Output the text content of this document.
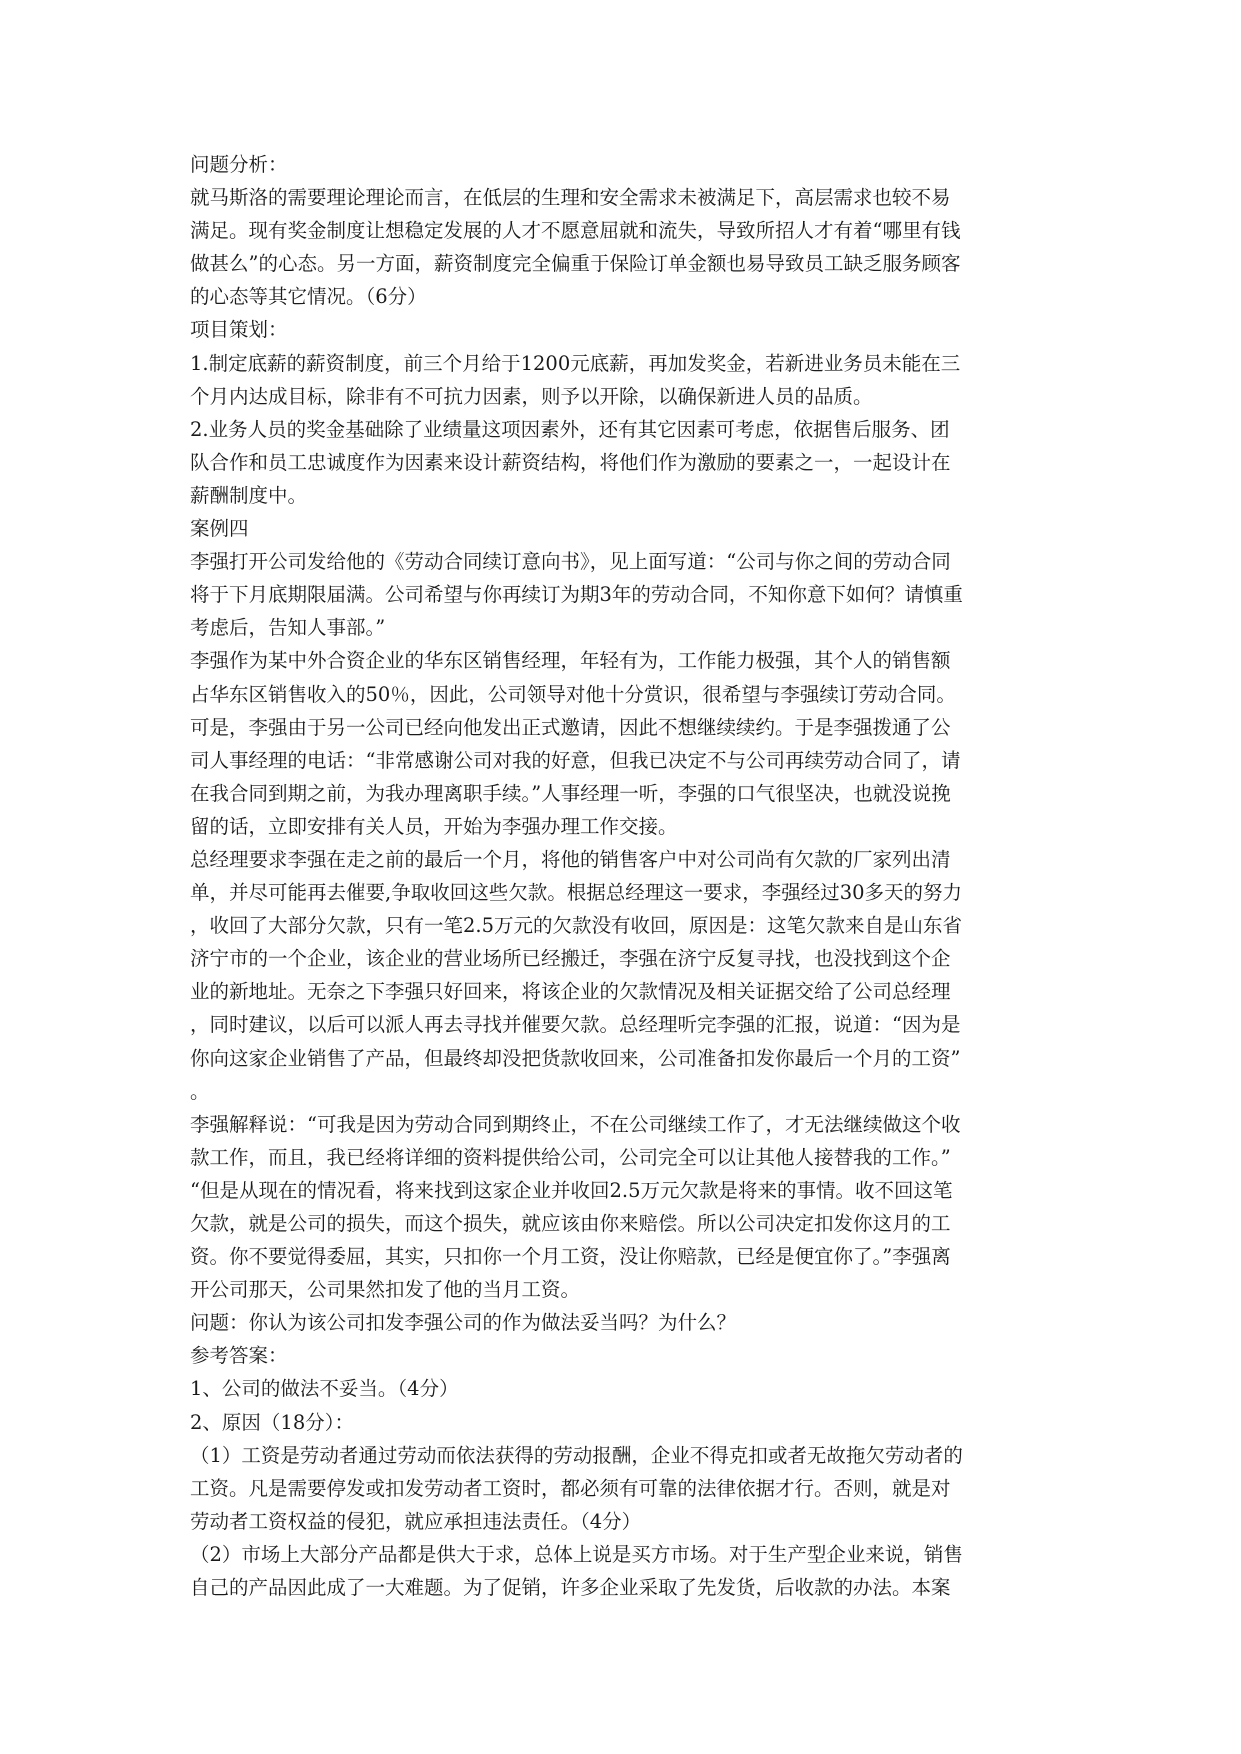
问题分析：
就马斯洛的需要理论理论而言，在低层的生理和安全需求未被满足下，高层需求也较不易
满足。现有奖金制度让想稳定发展的人才不愿意屈就和流失，导致所招人才有着“哪里有钱
做甚么”的心态。另一方面，薪资制度完全偏重于保险订单金额也易导致员工缺乏服务顾客
的心态等其它情况。（6分）
项目策划：
1.制定底薪的薪资制度，前三个月给于1200元底薪，再加发奖金，若新进业务员未能在三
个月内达成目标，除非有不可抗力因素，则予以开除，以确保新进人员的品质。
2.业务人员的奖金基础除了业绩量这项因素外，还有其它因素可考虑，依据售后服务、团
队合作和员工忠诚度作为因素来设计薪资结构，将他们作为激励的要素之一，一起设计在
薪酬制度中。
案例四
李强打开公司发给他的《劳动合同续订意向书》，见上面写道：“公司与你之间的劳动合同
将于下月底期限届满。公司希望与你再续订为期3年的劳动合同，不知你意下如何？请慎重
考虑后，告知人事部。”
李强作为某中外合资企业的华东区销售经理，年轻有为，工作能力极强，其个人的销售额
占华东区销售收入的50％，因此，公司领导对他十分赏识，很希望与李强续订劳动合同。
可是，李强由于另一公司已经向他发出正式邀请，因此不想继续续约。于是李强拨通了公
司人事经理的电话：“非常感谢公司对我的好意，但我已决定不与公司再续劳动合同了，请
在我合同到期之前，为我办理离职手续。”人事经理一听，李强的口气很坚决，也就没说挽
留的话，立即安排有关人员，开始为李强办理工作交接。
总经理要求李强在走之前的最后一个月，将他的销售客户中对公司尚有欠款的厂家列出清
单，并尽可能再去催要,争取收回这些欠款。根据总经理这一要求，李强经过30多天的努力
，收回了大部分欠款，只有一笔2.5万元的欠款没有收回，原因是：这笔欠款来自是山东省
济宁市的一个企业，该企业的营业场所已经搬迁，李强在济宁反复寻找，也没找到这个企
业的新地址。无奈之下李强只好回来，将该企业的欠款情况及相关证据交给了公司总经理
，同时建议，以后可以派人再去寻找并催要欠款。总经理听完李强的汇报，说道：“因为是
你向这家企业销售了产品，但最终却没把货款收回来，公司准备扣发你最后一个月的工资”
。
李强解释说：“可我是因为劳动合同到期终止，不在公司继续工作了，才无法继续做这个收
款工作，而且，我已经将详细的资料提供给公司，公司完全可以让其他人接替我的工作。”
“但是从现在的情况看，将来找到这家企业并收回2.5万元欠款是将来的事情。收不回这笔
欠款，就是公司的损失，而这个损失，就应该由你来赔偿。所以公司决定扣发你这月的工
资。你不要觉得委屈，其实，只扣你一个月工资，没让你赔款，已经是便宜你了。”李强离
开公司那天，公司果然扣发了他的当月工资。
问题：你认为该公司扣发李强公司的作为做法妥当吗？为什么？
参考答案：
1、公司的做法不妥当。（4分）
2、原因（18分）：
（1）工资是劳动者通过劳动而依法获得的劳动报酬，企业不得克扣或者无故拖欠劳动者的
工资。凡是需要停发或扣发劳动者工资时，都必须有可靠的法律依据才行。否则，就是对
劳动者工资权益的侵犯，就应承担违法责任。（4分）
（2）市场上大部分产品都是供大于求，总体上说是买方市场。对于生产型企业来说，销售
自己的产品因此成了一大难题。为了促销，许多企业采取了先发货，后收款的办法。本案
